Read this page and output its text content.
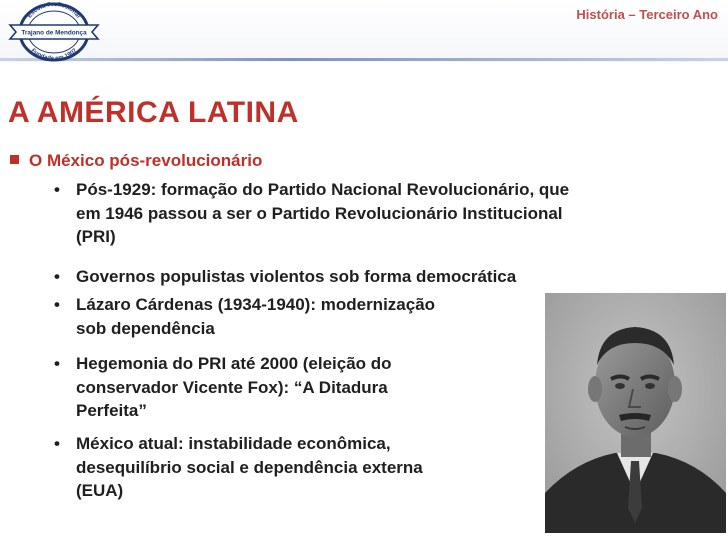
Escola Profissional
Fundada em 1907
Trajano de Mendonça
História – Terceiro Ano
A AMÉRICA LATINA
O México pós-revolucionário
• Pós-1929: formação do Partido Nacional Revolucionário, que
em 1946 passou a ser o Partido Revolucionário Institucional
(PRI)
• Governos populistas violentos sob forma democrática
• Lázaro Cárdenas (1934-1940): modernização
sob dependência
• Hegemonia do PRI até 2000 (eleição do
conservador Vicente Fox): “A Ditadura
Perfeita”
• México atual: instabilidade econômica,
desequilíbrio social e dependência externa
(EUA)
